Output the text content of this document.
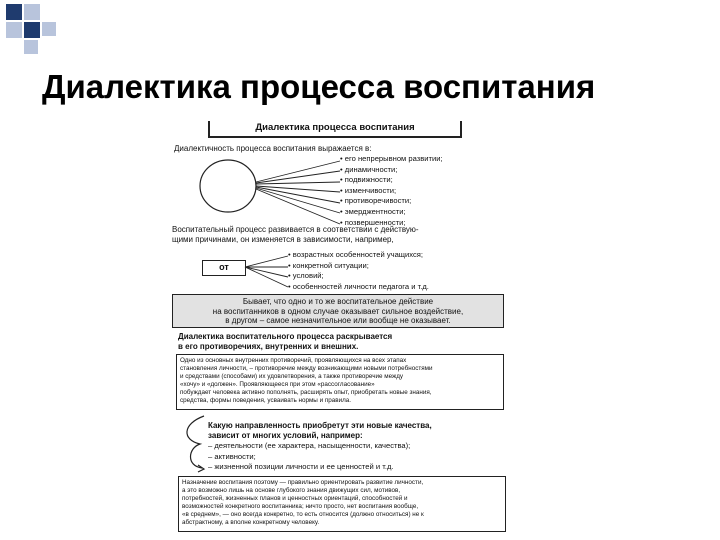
Диалектика процесса воспитания
Диалектика процесса воспитания
Диалектичность процесса воспитания выражается в:
• его непрерывном развитии;
• динамичности;
• подвижности;
• изменчивости;
• противоречивости;
• эмерджентности;
• позвершенности;
Воспитательный процесс развивается в соответствии с действую-
щими причинами, он изменяется в зависимости, например,
от
• возрастных особенностей учащихся;
• конкретной ситуации;
• условий;
• особенностей личности педагога и т.д.
Бывает, что одно и то же воспитательное действие
на воспитанников в одном случае оказывает сильное воздействие,
в другом – самое незначительное или вообще не оказывает.
Диалектика воспитательного процесса раскрывается
в его противоречиях, внутренних и внешних.
Одно из основных внутренних противоречий, проявляющихся на всех этапах
становления личности, – противоречие между возникающими новыми потребностями
и средствами (способами) их удовлетворения, а также противоречие между
«хочу» и «должен». Проявляющееся при этом «рассогласование»
побуждает человека активно пополнять, расширять опыт, приобретать новые знания,
средства, формы поведения, усваивать нормы и правила.
Какую направленность приобретут эти новые качества,
зависит от многих условий, например:
– деятельности (ее характера, насыщенности, качества);
– активности;
– жизненной позиции личности и ее ценностей и т.д.
Назначение воспитания поэтому — правильно ориентировать развитие личности,
а это возможно лишь на основе глубокого знания движущих сил, мотивов,
потребностей, жизненных планов и ценностных ориентаций, способностей и
возможностей конкретного воспитанника; ничто просто, нет воспитания вообще,
«в среднем», — оно всегда конкретно, то есть относится (должно относиться) не к
абстрактному, а вполне конкретному человеку.
